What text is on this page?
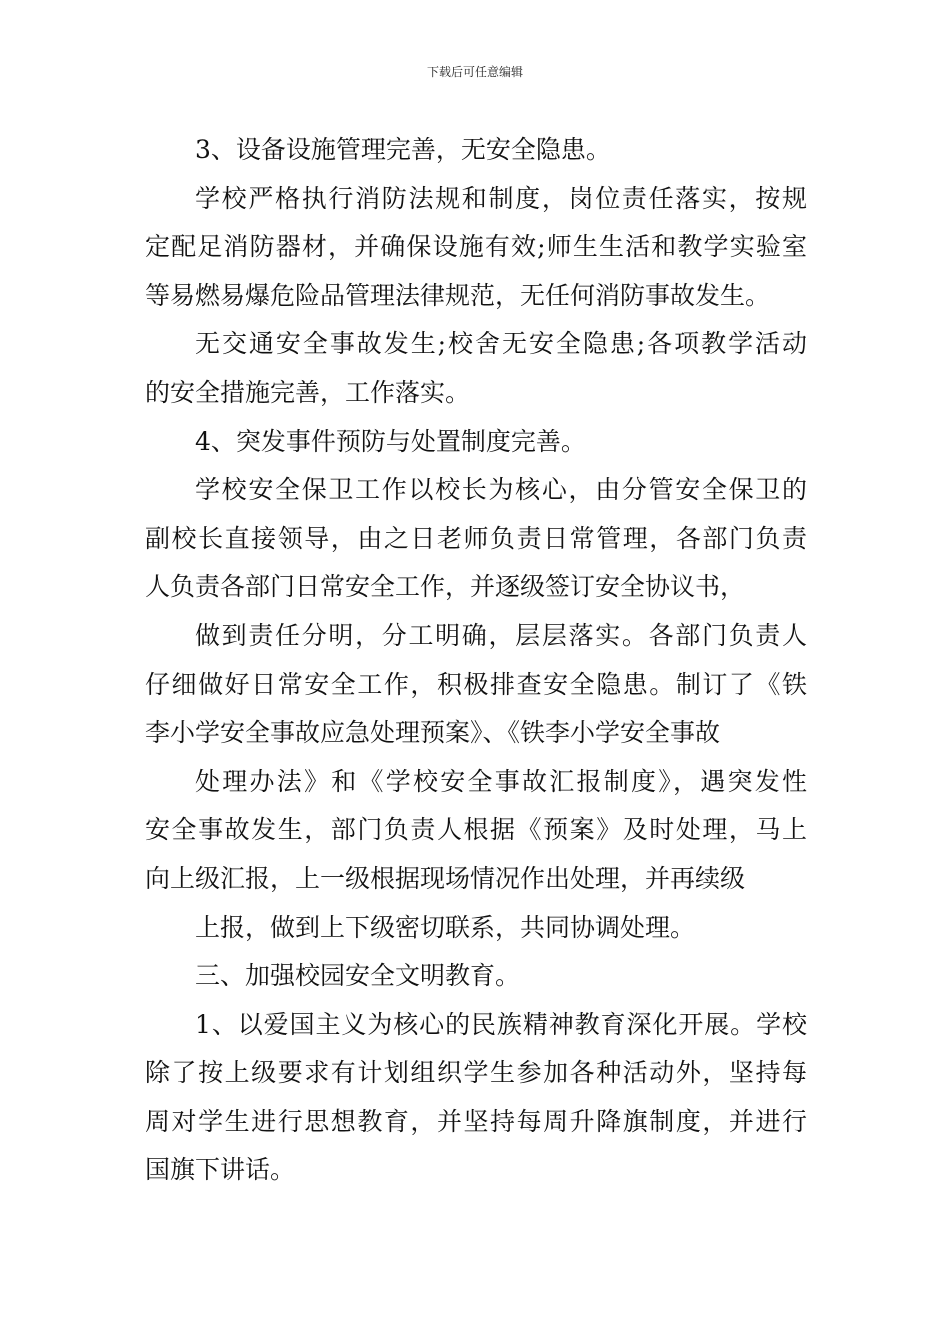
下载后可任意编辑
3、设备设施管理完善，无安全隐患。
学校严格执行消防法规和制度，岗位责任落实，按规
定配足消防器材，并确保设施有效;师生生活和教学实验室
等易燃易爆危险品管理法律规范，无任何消防事故发生。
无交通安全事故发生;校舍无安全隐患;各项教学活动
的安全措施完善，工作落实。
4、突发事件预防与处置制度完善。
学校安全保卫工作以校长为核心，由分管安全保卫的
副校长直接领导，由之日老师负责日常管理，各部门负责
人负责各部门日常安全工作，并逐级签订安全协议书，
做到责任分明，分工明确，层层落实。各部门负责人
仔细做好日常安全工作，积极排查安全隐患。制订了《铁
李小学安全事故应急处理预案》、《铁李小学安全事故
处理办法》和《学校安全事故汇报制度》，遇突发性
安全事故发生，部门负责人根据《预案》及时处理，马上
向上级汇报，上一级根据现场情况作出处理，并再续级
上报，做到上下级密切联系，共同协调处理。
三、加强校园安全文明教育。
1、以爱国主义为核心的民族精神教育深化开展。学校
除了按上级要求有计划组织学生参加各种活动外，坚持每
周对学生进行思想教育，并坚持每周升降旗制度，并进行
国旗下讲话。
